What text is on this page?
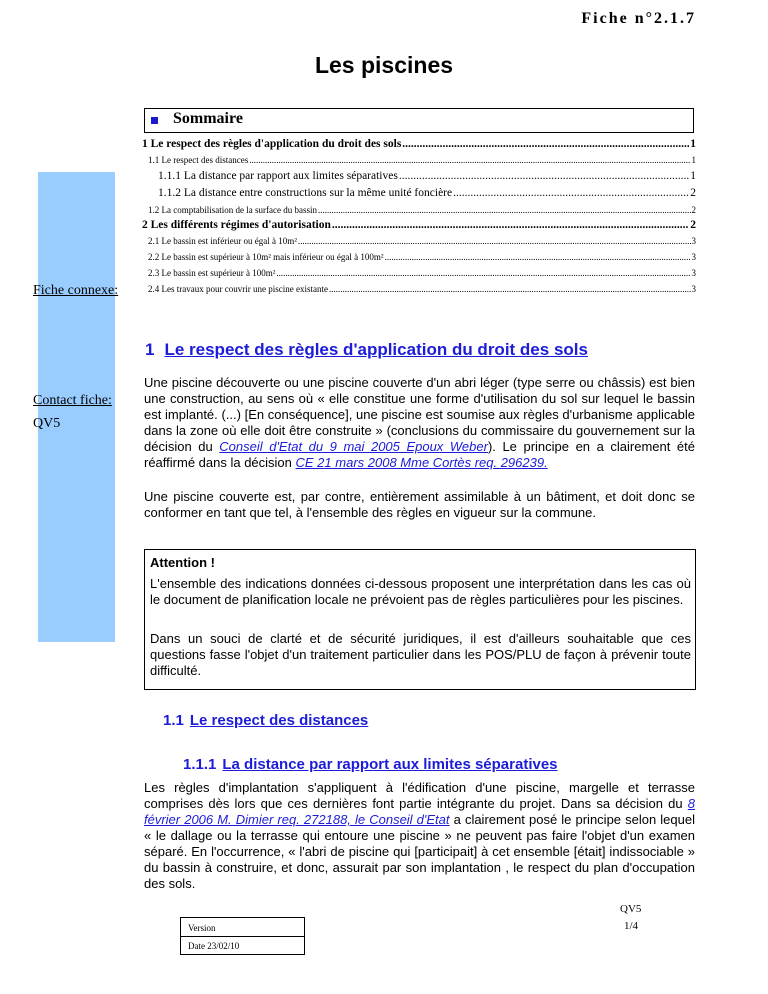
Fiche n°2.1.7
Les piscines
Fiche connexe:
Contact fiche:
QV5
Sommaire
1 Le respect des règles d'application du droit des sols .....	1
1.1 Le respect des distances .....	1
1.1.1 La distance par rapport aux limites séparatives .....	1
1.1.2 La distance entre constructions sur la même unité foncière .....	2
1.2 La comptabilisation de la surface du bassin .....	2
2 Les différents régimes d'autorisation .....	2
2.1 Le bassin est inférieur ou égal à 10m² .....	3
2.2 Le bassin est supérieur à 10m² mais inférieur ou égal à 100m² .....	3
2.3 Le bassin est supérieur à 100m² .....	3
2.4 Les travaux pour couvrir une piscine existante .....	3
1 Le respect des règles d'application du droit des sols
Une piscine découverte ou une piscine couverte d'un abri léger (type serre ou châssis) est bien une construction, au sens où « elle constitue une forme d'utilisation du sol sur lequel le bassin est implanté. (...) [En conséquence], une piscine est soumise aux règles d'urbanisme applicable dans la zone où elle doit être construite » (conclusions du commissaire du gouvernement sur la décision du Conseil d'Etat du 9 mai 2005 Epoux Weber). Le principe en a clairement été réaffirmé dans la décision CE 21 mars 2008 Mme Cortès req. 296239.
Une piscine couverte est, par contre, entièrement assimilable à un bâtiment, et doit donc se conformer en tant que tel, à l'ensemble des règles en vigueur sur la commune.
Attention !
L'ensemble des indications données ci-dessous proposent une interprétation dans les cas où le document de planification locale ne prévoient pas de règles particulières pour les piscines.
Dans un souci de clarté et de sécurité juridiques, il est d'ailleurs souhaitable que ces questions fasse l'objet d'un traitement particulier dans les POS/PLU de façon à prévenir toute difficulté.
1.1 Le respect des distances
1.1.1 La distance par rapport aux limites séparatives
Les règles d'implantation s'appliquent à l'édification d'une piscine, margelle et terrasse comprises dès lors que ces dernières font partie intégrante du projet. Dans sa décision du 8 février 2006 M. Dimier req. 272188, le Conseil d'Etat a clairement posé le principe selon lequel « le dallage ou la terrasse qui entoure une piscine » ne peuvent pas faire l'objet d'un examen séparé. En l'occurrence, « l'abri de piscine qui [participait] à cet ensemble [était] indissociable » du bassin à construire, et donc, assurait par son implantation , le respect du plan d'occupation des sols.
Version
Date 23/02/10
QV5
1/4
